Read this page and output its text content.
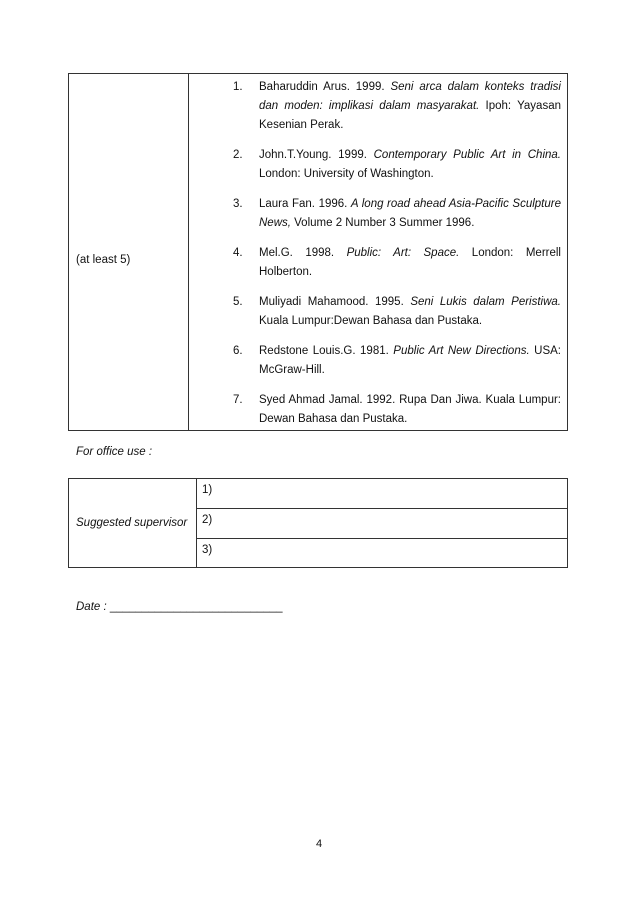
(at least 5)
1. Baharuddin Arus. 1999. Seni arca dalam konteks tradisi dan moden: implikasi dalam masyarakat. Ipoh: Yayasan Kesenian Perak.
2. John.T.Young. 1999. Contemporary Public Art in China. London: University of Washington.
3. Laura Fan. 1996. A long road ahead Asia-Pacific Sculpture News, Volume 2 Number 3 Summer 1996.
4. Mel.G. 1998. Public: Art: Space. London: Merrell Holberton.
5. Muliyadi Mahamood. 1995. Seni Lukis dalam Peristiwa. Kuala Lumpur:Dewan Bahasa dan Pustaka.
6. Redstone Louis.G. 1981. Public Art New Directions. USA: McGraw-Hill.
7. Syed Ahmad Jamal. 1992. Rupa Dan Jiwa. Kuala Lumpur: Dewan Bahasa dan Pustaka.
For office use :
Suggested supervisor
1)
2)
3)
Date : ___________________________
4
